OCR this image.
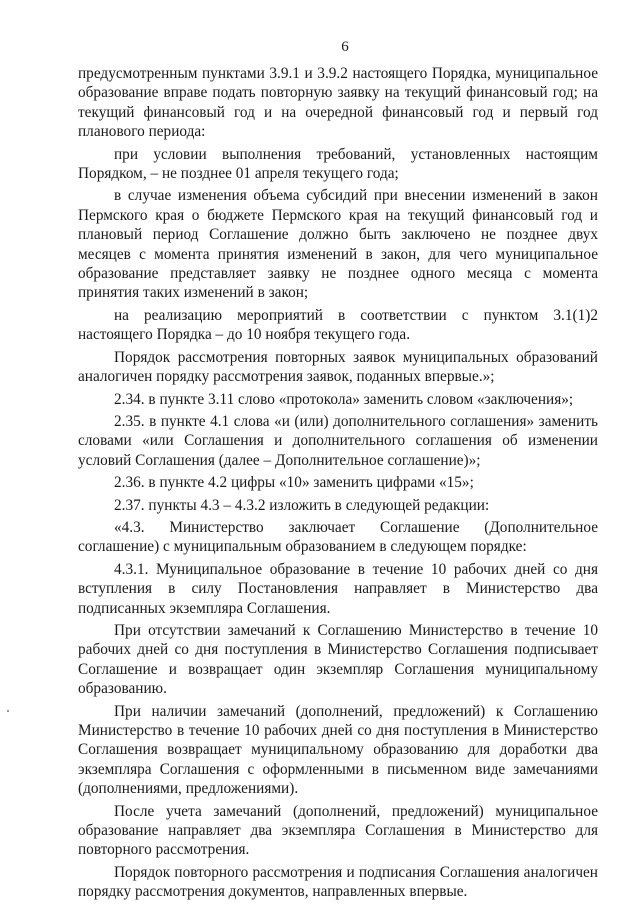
6

предусмотренным пунктами 3.9.1 и 3.9.2 настоящего Порядка, муниципальное образование вправе подать повторную заявку на текущий финансовый год; на текущий финансовый год и на очередной финансовый год и первый год планового периода:

при условии выполнения требований, установленных настоящим Порядком, – не позднее 01 апреля текущего года;

в случае изменения объема субсидий при внесении изменений в закон Пермского края о бюджете Пермского края на текущий финансовый год и плановый период Соглашение должно быть заключено не позднее двух месяцев с момента принятия изменений в закон, для чего муниципальное образование представляет заявку не позднее одного месяца с момента принятия таких изменений в закон;

на реализацию мероприятий в соответствии с пунктом 3.1(1)2 настоящего Порядка – до 10 ноября текущего года.

Порядок рассмотрения повторных заявок муниципальных образований аналогичен порядку рассмотрения заявок, поданных впервые.»;

2.34. в пункте 3.11 слово «протокола» заменить словом «заключения»;

2.35. в пункте 4.1 слова «и (или) дополнительного соглашения» заменить словами «или Соглашения и дополнительного соглашения об изменении условий Соглашения (далее – Дополнительное соглашение)»;

2.36. в пункте 4.2 цифры «10» заменить цифрами «15»;

2.37. пункты 4.3 – 4.3.2 изложить в следующей редакции:

«4.3. Министерство заключает Соглашение (Дополнительное соглашение) с муниципальным образованием в следующем порядке:

4.3.1. Муниципальное образование в течение 10 рабочих дней со дня вступления в силу Постановления направляет в Министерство два подписанных экземпляра Соглашения.

При отсутствии замечаний к Соглашению Министерство в течение 10 рабочих дней со дня поступления в Министерство Соглашения подписывает Соглашение и возвращает один экземпляр Соглашения муниципальному образованию.

При наличии замечаний (дополнений, предложений) к Соглашению Министерство в течение 10 рабочих дней со дня поступления в Министерство Соглашения возвращает муниципальному образованию для доработки два экземпляра Соглашения с оформленными в письменном виде замечаниями (дополнениями, предложениями).

После учета замечаний (дополнений, предложений) муниципальное образование направляет два экземпляра Соглашения в Министерство для повторного рассмотрения.

Порядок повторного рассмотрения и подписания Соглашения аналогичен порядку рассмотрения документов, направленных впервые.
